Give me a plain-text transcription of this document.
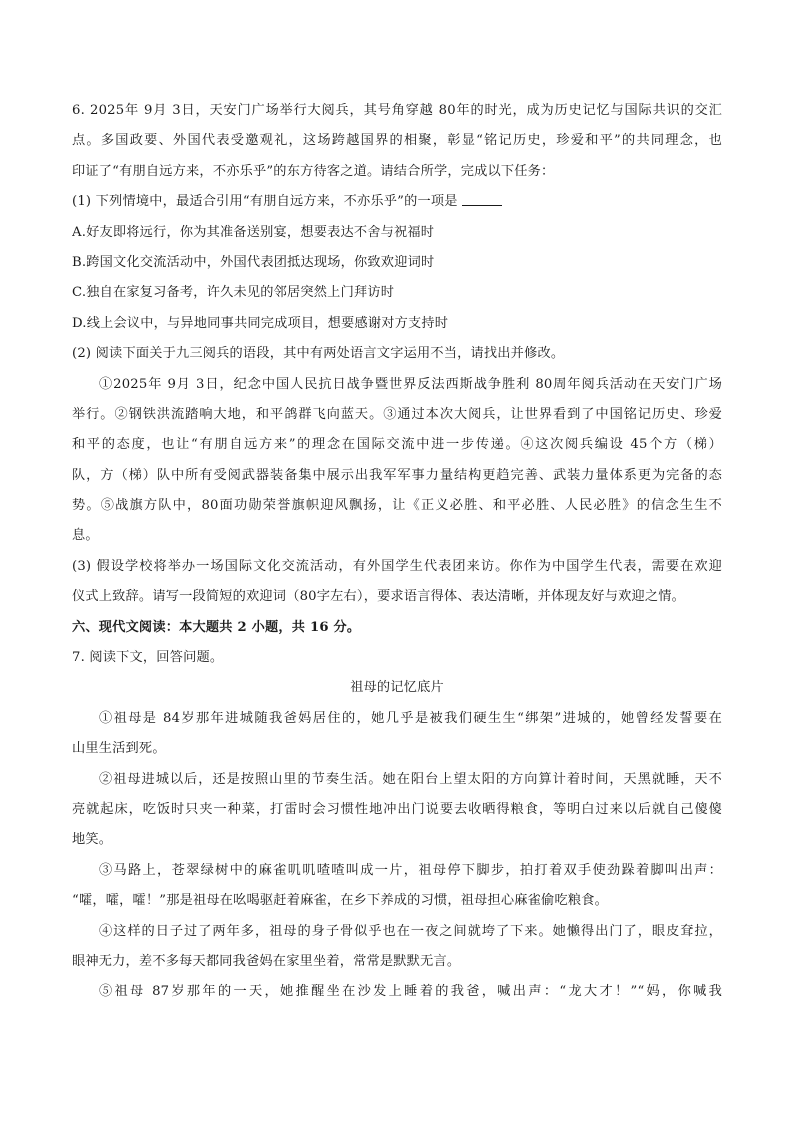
6. 2025年 9月 3日，天安门广场举行大阅兵，其号角穿越 80年的时光，成为历史记忆与国际共识的交汇
点。多国政要、外国代表受邀观礼，这场跨越国界的相聚，彰显“铭记历史，珍爱和平”的共同理念，也
印证了“有朋自远方来，不亦乐乎”的东方待客之道。请结合所学，完成以下任务：
(1) 下列情境中，最适合引用“有朋自远方来，不亦乐乎”的一项是
A.好友即将远行，你为其准备送别宴，想要表达不舍与祝福时
B.跨国文化交流活动中，外国代表团抵达现场，你致欢迎词时
C.独自在家复习备考，许久未见的邻居突然上门拜访时
D.线上会议中，与异地同事共同完成项目，想要感谢对方支持时
(2) 阅读下面关于九三阅兵的语段，其中有两处语言文字运用不当，请找出并修改。
①2025年 9月 3日，纪念中国人民抗日战争暨世界反法西斯战争胜利 80周年阅兵活动在天安门广场
举行。②钢铁洪流踏响大地，和平鸽群飞向蓝天。③通过本次大阅兵，让世界看到了中国铭记历史、珍爱
和平的态度，也让“有朋自远方来”的理念在国际交流中进一步传递。④这次阅兵编设 45个方（梯）
队，方（梯）队中所有受阅武器装备集中展示出我军军事力量结构更趋完善、武装力量体系更为完备的态
势。⑤战旗方队中，80面功勋荣誉旗帜迎风飘扬，让《正义必胜、和平必胜、人民必胜》的信念生生不
息。
(3) 假设学校将举办一场国际文化交流活动，有外国学生代表团来访。你作为中国学生代表，需要在欢迎
仪式上致辞。请写一段简短的欢迎词（80字左右），要求语言得体、表达清晰，并体现友好与欢迎之情。
六、现代文阅读：本大题共 2 小题，共 16 分。
7. 阅读下文，回答问题。
祖母的记忆底片
①祖母是 84岁那年进城随我爸妈居住的，她几乎是被我们硬生生“绑架”进城的，她曾经发誓要在
山里生活到死。
②祖母进城以后，还是按照山里的节奏生活。她在阳台上望太阳的方向算计着时间，天黑就睡，天不
亮就起床，吃饭时只夹一种菜，打雷时会习惯性地冲出门说要去收晒得粮食，等明白过来以后就自己傻傻
地笑。
③马路上，苍翠绿树中的麻雀叽叽喳喳叫成一片，祖母停下脚步，拍打着双手使劲跺着脚叫出声：
“嚯，嚯，嚯！”那是祖母在吆喝驱赶着麻雀，在乡下养成的习惯，祖母担心麻雀偷吃粮食。
④这样的日子过了两年多，祖母的身子骨似乎也在一夜之间就垮了下来。她懒得出门了，眼皮耷拉，
眼神无力，差不多每天都同我爸妈在家里坐着，常常是默默无言。
⑤祖母 87岁那年的一天，她推醒坐在沙发上睡着的我爸，喊出声：“龙大才！”“妈，你喊我
